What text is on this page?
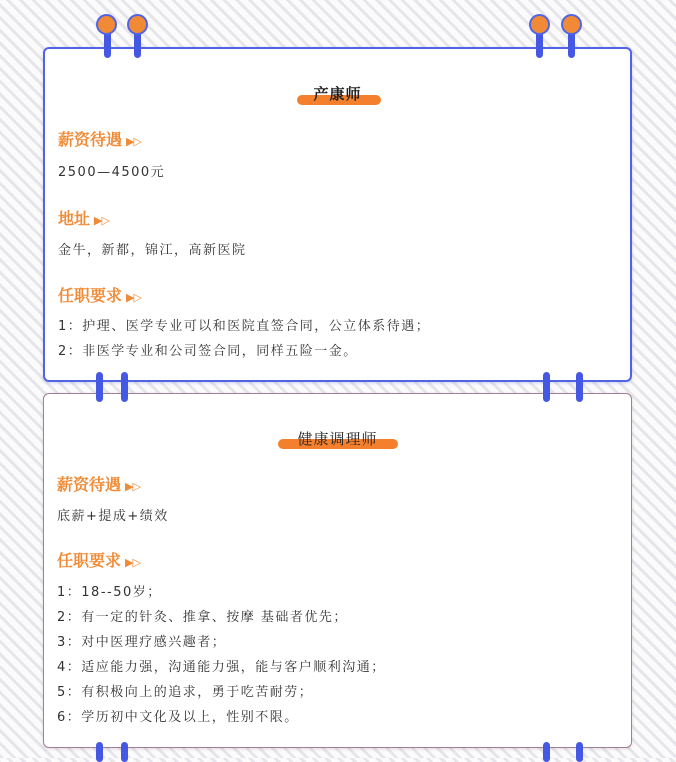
产康师
薪资待遇 ▶▷
2500—4500元
地址 ▶▷
金牛，新都，锦江，高新医院
任职要求 ▶▷
1：护理、医学专业可以和医院直签合同，公立体系待遇；
2：非医学专业和公司签合同，同样五险一金。
健康调理师
薪资待遇 ▶▷
底薪+提成+绩效
任职要求 ▶▷
1：18--50岁；
2：有一定的针灸、推拿、按摩 基础者优先；
3：对中医理疗感兴趣者；
4：适应能力强，沟通能力强，能与客户顺利沟通；
5：有积极向上的追求，勇于吃苦耐劳；
6：学历初中文化及以上，性别不限。
